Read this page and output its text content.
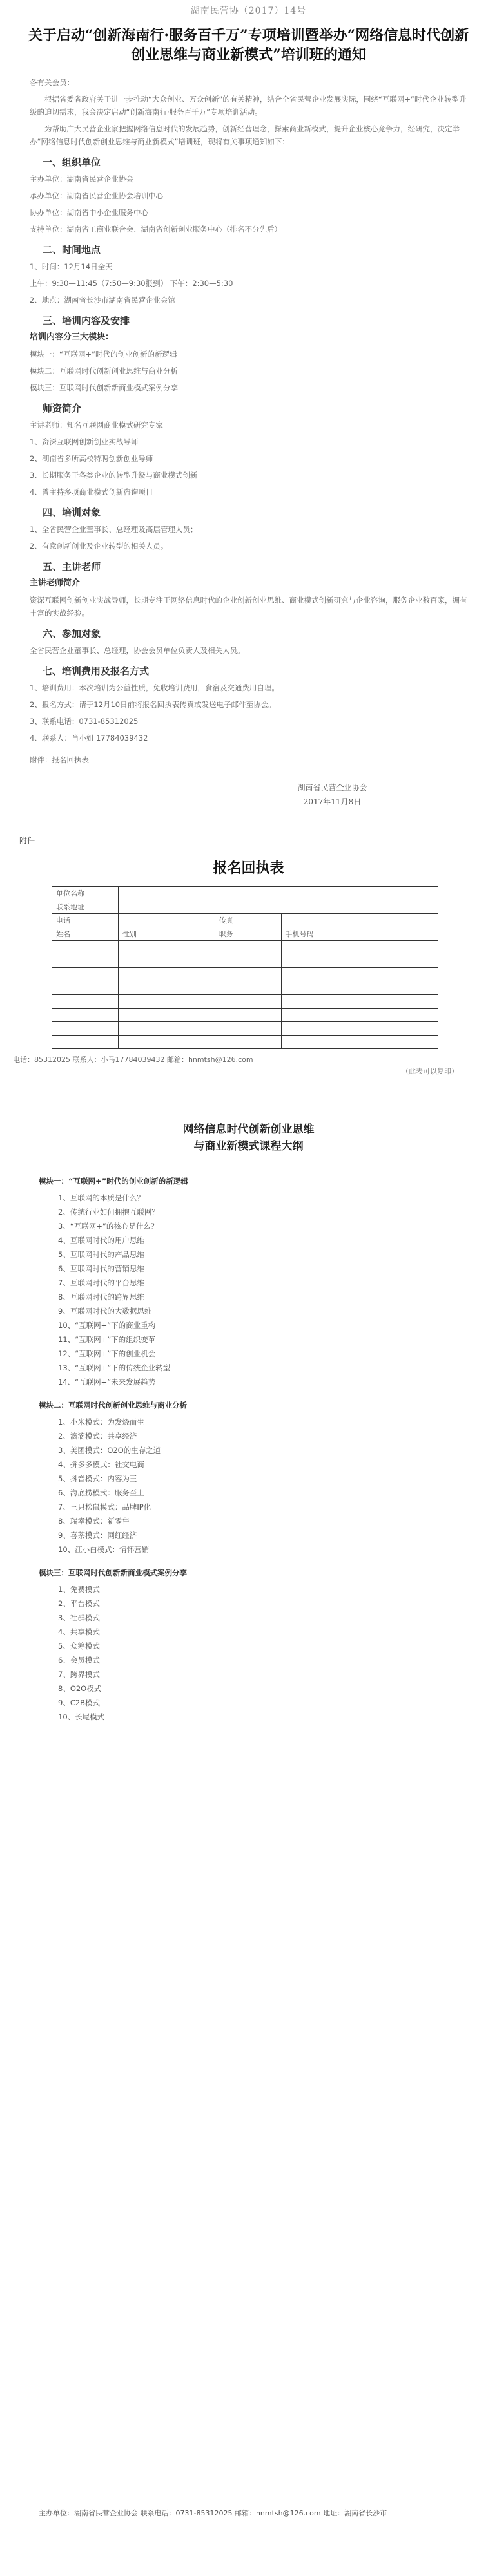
湖南民营协（2017）14号
关于启动“创新海南行·服务百千万”专项培训暨举办“网络信息时代创新创业思维与商业新模式”培训班的通知

各有关会员：

根据省委省政府关于进一步推动“大众创业、万众创新”的有关精神，结合全省民营企业发展实际，围绕“互联网+”时代企业转型升级的迫切需求，我会决定启动“创新海南行·服务百千万”专项培训活动。

为帮助广大民营企业家把握网络信息时代的发展趋势，创新经营理念，探索商业新模式，提升企业核心竞争力，经研究，决定举办“网络信息时代创新创业思维与商业新模式”培训班，现将有关事项通知如下：

一、组织单位

主办单位：湖南省民营企业协会

承办单位：湖南省民营企业协会培训中心

协办单位：湖南省中小企业服务中心

支持单位：湖南省工商业联合会、湖南省创新创业服务中心（排名不分先后）

二、时间地点

1、时间：12月14日全天

上午：9:30—11:45（7:50—9:30报到） 下午：2:30—5:30

2、地点：湖南省长沙市湖南省民营企业会馆

三、培训内容及安排

培训内容分三大模块：

模块一：“互联网+”时代的创业创新的新逻辑

模块二：互联网时代创新创业思维与商业分析

模块三：互联网时代创新新商业模式案例分享

师资简介

主讲老师：知名互联网商业模式研究专家

1、资深互联网创新创业实战导师

2、湖南省多所高校特聘创新创业导师

3、长期服务于各类企业的转型升级与商业模式创新

4、曾主持多项商业模式创新咨询项目

四、培训对象

1、全省民营企业董事长、总经理及高层管理人员；

2、有意创新创业及企业转型的相关人员。

五、主讲老师

主讲老师简介

资深互联网创新创业实战导师，长期专注于网络信息时代的企业创新创业思维、商业模式创新研究与企业咨询，服务企业数百家，拥有丰富的实战经验。

六、参加对象

全省民营企业董事长、总经理，协会会员单位负责人及相关人员。

七、培训费用及报名方式

1、培训费用：本次培训为公益性质，免收培训费用，食宿及交通费用自理。

2、报名方式：请于12月10日前将报名回执表传真或发送电子邮件至协会。

3、联系电话：0731-85312025

4、联系人：肖小姐 17784039432

附件：报名回执表

湖南省民营企业协会
2017年11月8日
附件
报名回执表
单位名称			
联系地址			
电话		传真	
姓名	性别	职务	手机号码

电话：85312025 联系人：小马17784039432 邮箱：hnmtsh@126.com
（此表可以复印）
网络信息时代创新创业思维
与商业新模式课程大纲
模块一：“互联网+”时代的创业创新的新逻辑
1、互联网的本质是什么？
2、传统行业如何拥抱互联网？
3、“互联网+”的核心是什么？
4、互联网时代的用户思维
5、互联网时代的产品思维
6、互联网时代的营销思维
7、互联网时代的平台思维
8、互联网时代的跨界思维
9、互联网时代的大数据思维
10、“互联网+”下的商业重构
11、“互联网+”下的组织变革
12、“互联网+”下的创业机会
13、“互联网+”下的传统企业转型
14、“互联网+”未来发展趋势
模块二：互联网时代创新创业思维与商业分析
1、小米模式：为发烧而生
2、滴滴模式：共享经济
3、美团模式：O2O的生存之道
4、拼多多模式：社交电商
5、抖音模式：内容为王
6、海底捞模式：服务至上
7、三只松鼠模式：品牌IP化
8、瑞幸模式：新零售
9、喜茶模式：网红经济
10、江小白模式：情怀营销
模块三：互联网时代创新新商业模式案例分享
1、免费模式
2、平台模式
3、社群模式
4、共享模式
5、众筹模式
6、会员模式
7、跨界模式
8、O2O模式
9、C2B模式
10、长尾模式
主办单位：湖南省民营企业协会 联系电话：0731-85312025 邮箱：hnmtsh@126.com 地址：湖南省长沙市
